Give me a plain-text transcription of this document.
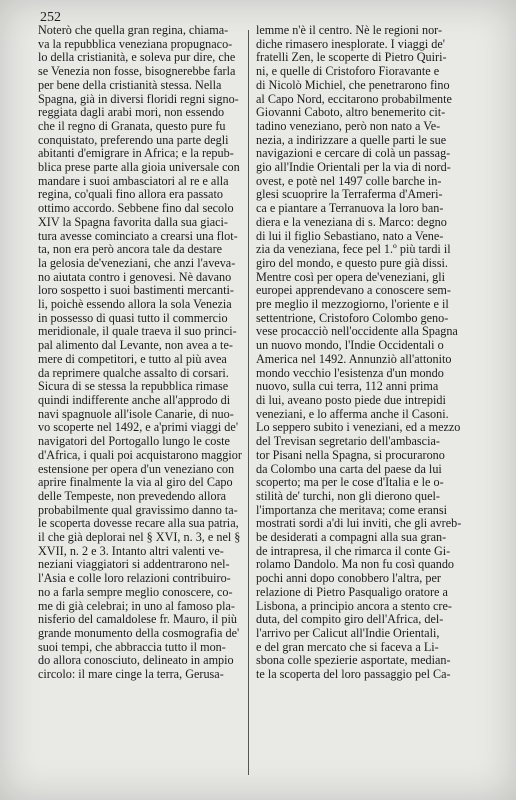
252
Noterò che quella gran regina, chiama-
va la repubblica veneziana propugnaco-
lo della cristianità, e soleva pur dire, che
se Venezia non fosse, bisognerebbe farla
per bene della cristianità stessa. Nella
Spagna, già in diversi floridi regni signo-
reggiata dagli arabi mori, non essendo
che il regno di Granata, questo pure fu
conquistato, preferendo una parte degli
abitanti d'emigrare in Africa; e la repub-
blica prese parte alla gioia universale con
mandare i suoi ambasciatori al re e alla
regina, co'quali fino allora era passato
ottimo accordo. Sebbene fino dal secolo
XIV la Spagna favorita dalla sua giaci-
tura avesse cominciato a crearsi una flot-
ta, non era però ancora tale da destare
la gelosia de'veneziani, che anzi l'aveva-
no aiutata contro i genovesi. Nè davano
loro sospetto i suoi bastimenti mercanti-
li, poichè essendo allora la sola Venezia
in possesso di quasi tutto il commercio
meridionale, il quale traeva il suo princi-
pal alimento dal Levante, non avea a te-
mere di competitori, e tutto al più avea
da reprimere qualche assalto di corsari.
Sicura di se stessa la repubblica rimase
quindi indifferente anche all'approdo di
navi spagnuole all'isole Canarie, di nuo-
vo scoperte nel 1492, e a'primi viaggi de'
navigatori del Portogallo lungo le coste
d'Africa, i quali poi acquistarono maggior
estensione per opera d'un veneziano con
aprire finalmente la via al giro del Capo
delle Tempeste, non prevedendo allora
probabilmente qual gravissimo danno ta-
le scoperta dovesse recare alla sua patria,
il che già deplorai nel § XVI, n. 3, e nel §
XVII, n. 2 e 3. Intanto altri valenti ve-
neziani viaggiatori si addentrarono nel-
l'Asia e colle loro relazioni contribuiro-
no a farla sempre meglio conoscere, co-
me di già celebrai; in uno al famoso pla-
nisferio del camaldolese fr. Mauro, il più
grande monumento della cosmografia de'
suoi tempi, che abbraccia tutto il mon-
do allora conosciuto, delineato in ampio
circolo: il mare cinge la terra, Gerusa-
lemme n'è il centro. Nè le regioni nor-
diche rimasero inesplorate. I viaggi de'
fratelli Zen, le scoperte di Pietro Quiri-
ni, e quelle di Cristoforo Fioravante e
di Nicolò Michiel, che penetrarono fino
al Capo Nord, eccitarono probabilmente
Giovanni Caboto, altro benemerito cit-
tadino veneziano, però non nato a Ve-
nezia, a indirizzare a quelle parti le sue
navigazioni e cercare di colà un passag-
gio all'Indie Orientali per la via di nord-
ovest, e potè nel 1497 colle barche in-
glesi scuoprire la Terraferma d'Ameri-
ca e piantare a Terranuova la loro ban-
diera e la veneziana di s. Marco: degno
di lui il figlio Sebastiano, nato a Vene-
zia da veneziana, fece pel 1.º più tardi il
giro del mondo, e questo pure già dissi.
Mentre così per opera de'veneziani, gli
europei apprendevano a conoscere sem-
pre meglio il mezzogiorno, l'oriente e il
settentrione, Cristoforo Colombo geno-
vese procacciò nell'occidente alla Spagna
un nuovo mondo, l'Indie Occidentali o
America nel 1492. Annunziò all'attonito
mondo vecchio l'esistenza d'un mondo
nuovo, sulla cui terra, 112 anni prima
di lui, aveano posto piede due intrepidi
veneziani, e lo afferma anche il Casoni.
Lo seppero subito i veneziani, ed a mezzo
del Trevisan segretario dell'ambascia-
tor Pisani nella Spagna, si procurarono
da Colombo una carta del paese da lui
scoperto; ma per le cose d'Italia e le o-
stilità de' turchi, non gli dierono quel-
l'importanza che meritava; come eransi
mostrati sordi a'di lui inviti, che gli avreb-
be desiderati a compagni alla sua gran-
de intrapresa, il che rimarca il conte Gi-
rolamo Dandolo. Ma non fu così quando
pochi anni dopo conobbero l'altra, per
relazione di Pietro Pasqualigo oratore a
Lisbona, a principio ancora a stento cre-
duta, del compito giro dell'Africa, del-
l'arrivo per Calicut all'Indie Orientali,
e del gran mercato che si faceva a Li-
sbona colle spezierie asportate, median-
te la scoperta del loro passaggio pel Ca-
